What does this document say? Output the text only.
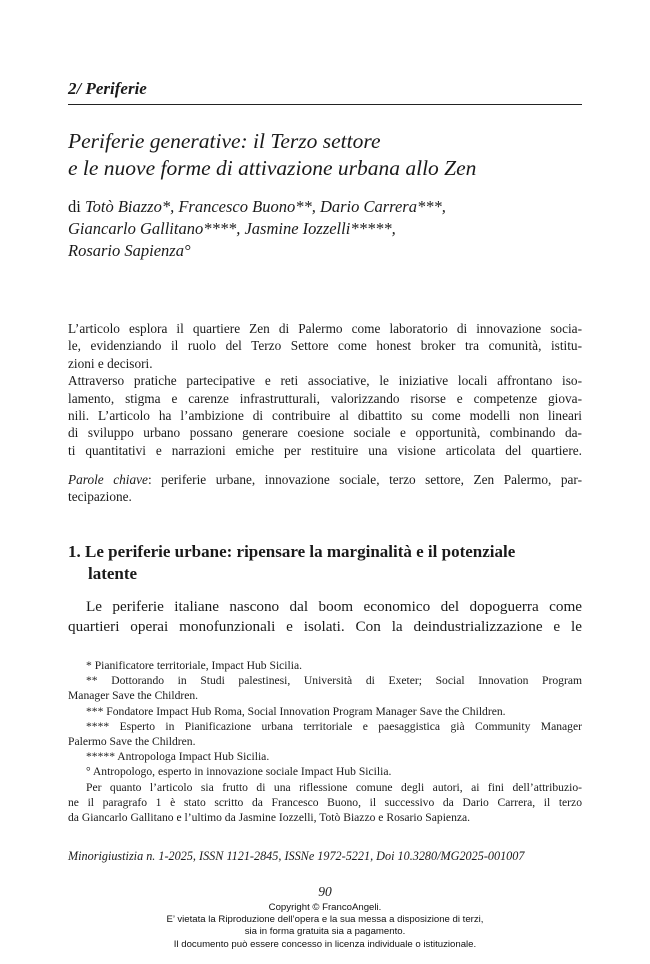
2/ Periferie
Periferie generative: il Terzo settore
e le nuove forme di attivazione urbana allo Zen
di Totò Biazzo*, Francesco Buono**, Dario Carrera***,
Giancarlo Gallitano****, Jasmine Iozzelli*****,
Rosario Sapienza°
L’articolo esplora il quartiere Zen di Palermo come laboratorio di innovazione socia-
le, evidenziando il ruolo del Terzo Settore come honest broker tra comunità, istitu-
zioni e decisori.
Attraverso pratiche partecipative e reti associative, le iniziative locali affrontano iso-
lamento, stigma e carenze infrastrutturali, valorizzando risorse e competenze giova-
nili. L’articolo ha l’ambizione di contribuire al dibattito su come modelli non lineari
di sviluppo urbano possano generare coesione sociale e opportunità, combinando da-
ti quantitativi e narrazioni emiche per restituire una visione articolata del quartiere.
Parole chiave: periferie urbane, innovazione sociale, terzo settore, Zen Palermo, par-
tecipazione.
1. Le periferie urbane: ripensare la marginalità e il potenziale
latente
Le periferie italiane nascono dal boom economico del dopoguerra come
quartieri operai monofunzionali e isolati. Con la deindustrializzazione e le
* Pianificatore territoriale, Impact Hub Sicilia.
** Dottorando in Studi palestinesi, Università di Exeter; Social Innovation Program
Manager Save the Children.
*** Fondatore Impact Hub Roma, Social Innovation Program Manager Save the Children.
**** Esperto in Pianificazione urbana territoriale e paesaggistica già Community Manager
Palermo Save the Children.
***** Antropologa Impact Hub Sicilia.
° Antropologo, esperto in innovazione sociale Impact Hub Sicilia.
Per quanto l’articolo sia frutto di una riflessione comune degli autori, ai fini dell’attribuzio-
ne il paragrafo 1 è stato scritto da Francesco Buono, il successivo da Dario Carrera, il terzo
da Giancarlo Gallitano e l’ultimo da Jasmine Iozzelli, Totò Biazzo e Rosario Sapienza.
Minorigiustizia n. 1-2025, ISSN 1121-2845, ISSNe 1972-5221, Doi 10.3280/MG2025-001007
90
Copyright © FrancoAngeli.
E’ vietata la Riproduzione dell’opera e la sua messa a disposizione di terzi,
sia in forma gratuita sia a pagamento.
Il documento può essere concesso in licenza individuale o istituzionale.
